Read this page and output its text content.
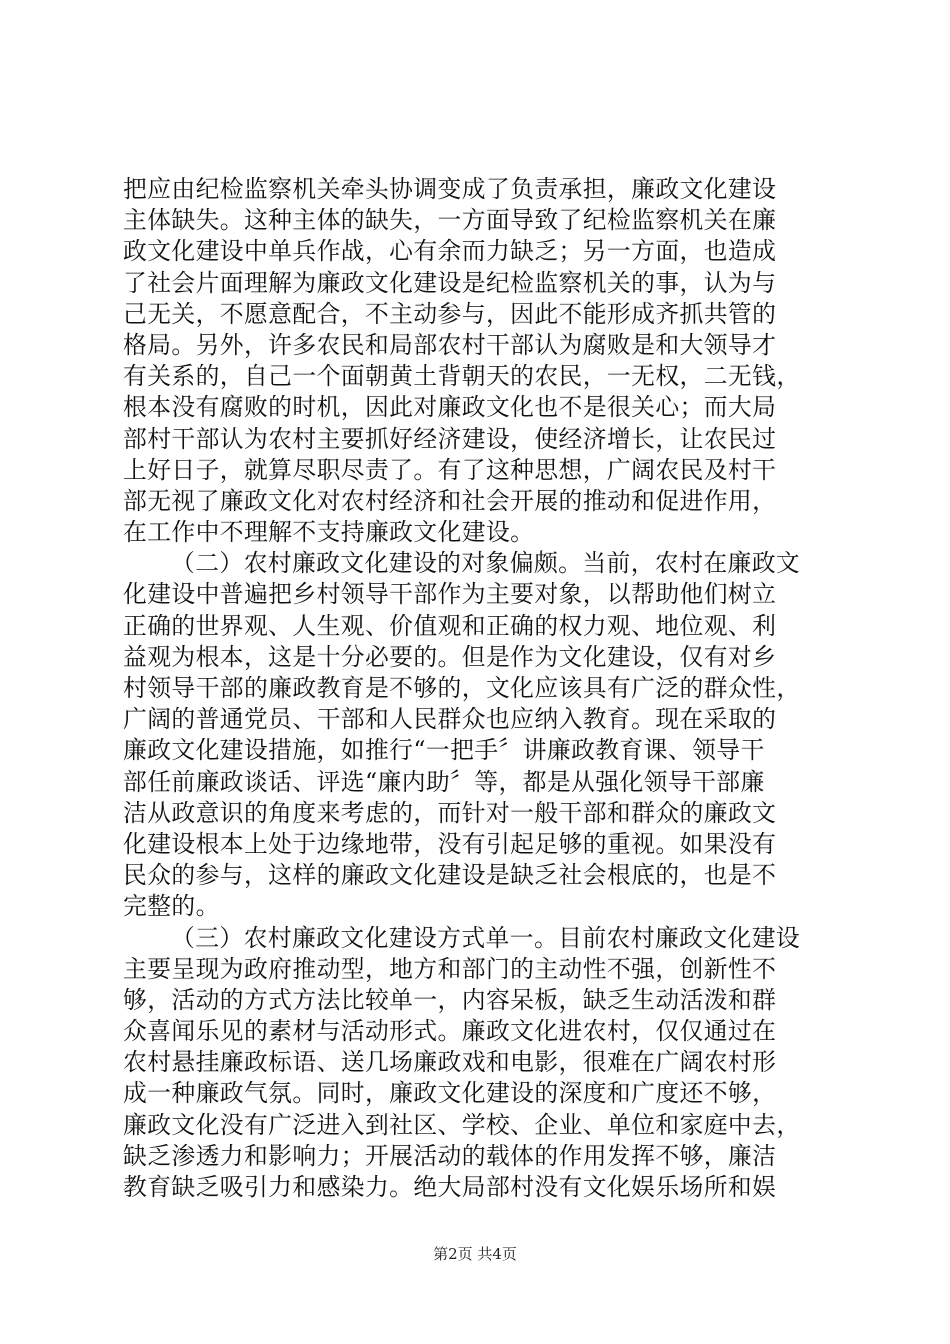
把应由纪检监察机关牵头协调变成了负责承担，廉政文化建设
主体缺失。这种主体的缺失，一方面导致了纪检监察机关在廉
政文化建设中单兵作战，心有余而力缺乏；另一方面，也造成
了社会片面理解为廉政文化建设是纪检监察机关的事，认为与
己无关，不愿意配合，不主动参与，因此不能形成齐抓共管的
格局。另外，许多农民和局部农村干部认为腐败是和大领导才
有关系的，自己一个面朝黄土背朝天的农民，一无权，二无钱，
根本没有腐败的时机，因此对廉政文化也不是很关心；而大局
部村干部认为农村主要抓好经济建设，使经济增长，让农民过
上好日子，就算尽职尽责了。有了这种思想，广阔农民及村干
部无视了廉政文化对农村经济和社会开展的推动和促进作用，
在工作中不理解不支持廉政文化建设。
（二）农村廉政文化建设的对象偏颇。当前，农村在廉政文
化建设中普遍把乡村领导干部作为主要对象，以帮助他们树立
正确的世界观、人生观、价值观和正确的权力观、地位观、利
益观为根本，这是十分必要的。但是作为文化建设，仅有对乡
村领导干部的廉政教育是不够的，文化应该具有广泛的群众性，
广阔的普通党员、干部和人民群众也应纳入教育。现在采取的
廉政文化建设措施，如推行“一把手〞讲廉政教育课、领导干
部任前廉政谈话、评选“廉内助〞等，都是从强化领导干部廉
洁从政意识的角度来考虑的，而针对一般干部和群众的廉政文
化建设根本上处于边缘地带，没有引起足够的重视。如果没有
民众的参与，这样的廉政文化建设是缺乏社会根底的，也是不
完整的。
（三）农村廉政文化建设方式单一。目前农村廉政文化建设
主要呈现为政府推动型，地方和部门的主动性不强，创新性不
够，活动的方式方法比较单一，内容呆板，缺乏生动活泼和群
众喜闻乐见的素材与活动形式。廉政文化进农村，仅仅通过在
农村悬挂廉政标语、送几场廉政戏和电影，很难在广阔农村形
成一种廉政气氛。同时，廉政文化建设的深度和广度还不够，
廉政文化没有广泛进入到社区、学校、企业、单位和家庭中去，
缺乏渗透力和影响力；开展活动的载体的作用发挥不够，廉洁
教育缺乏吸引力和感染力。绝大局部村没有文化娱乐场所和娱
第2页 共4页
